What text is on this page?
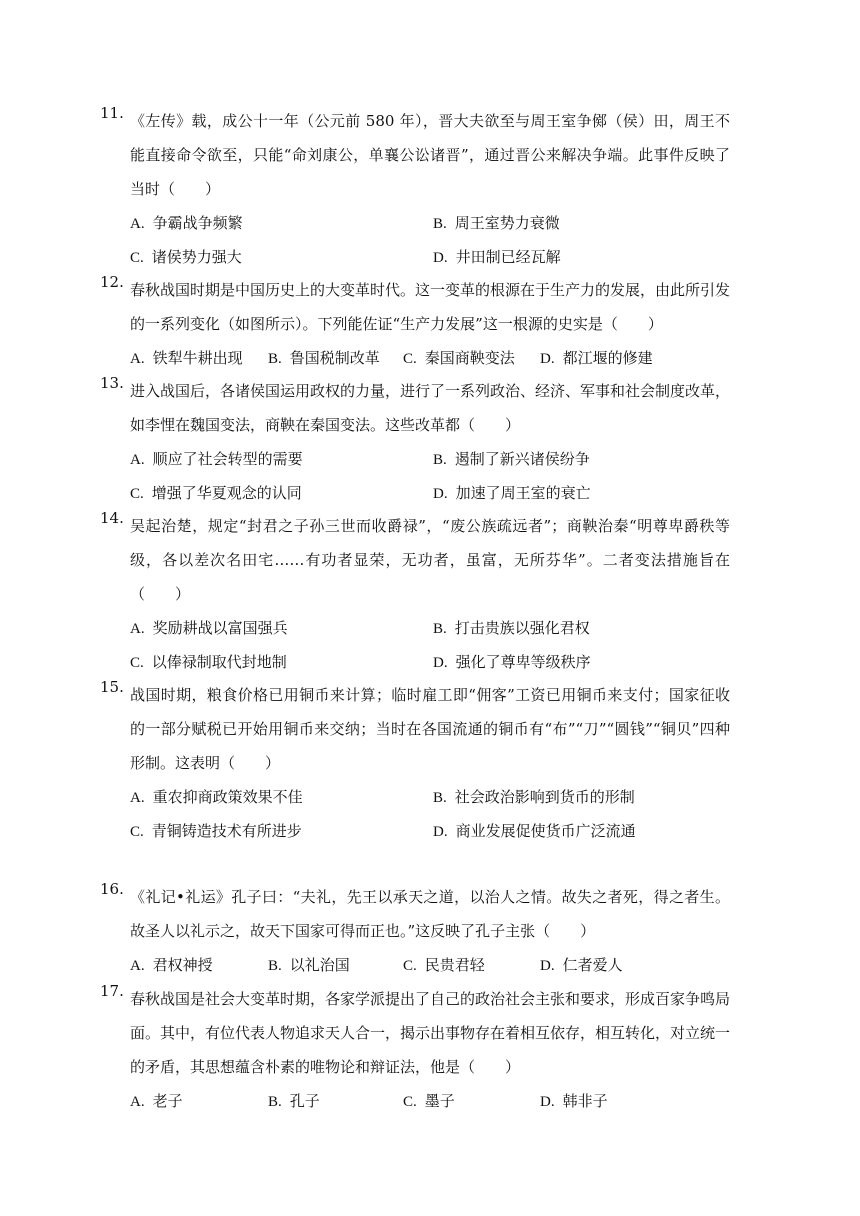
11. 《左传》载，成公十一年（公元前 580 年），晋大夫欲至与周王室争鄇（侯）田，周王不能直接命令欲至，只能“命刘康公，单襄公讼诸晋”，通过晋公来解决争端。此事件反映了当时（　　）
A. 争霸战争频繁	B. 周王室势力衰微
C. 诸侯势力强大	D. 井田制已经瓦解
12. 春秋战国时期是中国历史上的大变革时代。这一变革的根源在于生产力的发展，由此所引发的一系列变化（如图所示）。下列能佐证“生产力发展”这一根源的史实是（　　）
A. 铁犁牛耕出现 B. 鲁国税制改革 C. 秦国商鞅变法 D. 都江堰的修建
13. 进入战国后，各诸侯国运用政权的力量，进行了一系列政治、经济、军事和社会制度改革，如李悝在魏国变法，商鞅在秦国变法。这些改革都（　　）
A. 顺应了社会转型的需要	B. 遏制了新兴诸侯纷争
C. 增强了华夏观念的认同	D. 加速了周王室的衰亡
14. 吴起治楚，规定“封君之子孙三世而收爵禄”，“废公族疏远者”；商鞅治秦“明尊卑爵秩等级，各以差次名田宅……有功者显荣，无功者，虽富，无所芬华”。二者变法措施旨在（　　）
A. 奖励耕战以富国强兵	B. 打击贵族以强化君权
C. 以俸禄制取代封地制	D. 强化了尊卑等级秩序
15. 战国时期，粮食价格已用铜币来计算；临时雇工即“佣客”工资已用铜币来支付；国家征收的一部分赋税已开始用铜币来交纳；当时在各国流通的铜币有“布”“刀”“圆钱”“铜贝”四种形制。这表明（　　）
A. 重农抑商政策效果不佳	B. 社会政治影响到货币的形制
C. 青铜铸造技术有所进步	D. 商业发展促使货币广泛流通
16. 《礼记•礼运》孔子曰：“夫礼，先王以承天之道，以治人之情。故失之者死，得之者生。故圣人以礼示之，故天下国家可得而正也。”这反映了孔子主张（　　）
A. 君权神授	B. 以礼治国	C. 民贵君轻	D. 仁者爱人
17. 春秋战国是社会大变革时期，各家学派提出了自己的政治社会主张和要求，形成百家争鸣局面。其中，有位代表人物追求天人合一，揭示出事物存在着相互依存，相互转化，对立统一的矛盾，其思想蕴含朴素的唯物论和辩证法，他是（　　）
A. 老子	B. 孔子	C. 墨子	D. 韩非子
